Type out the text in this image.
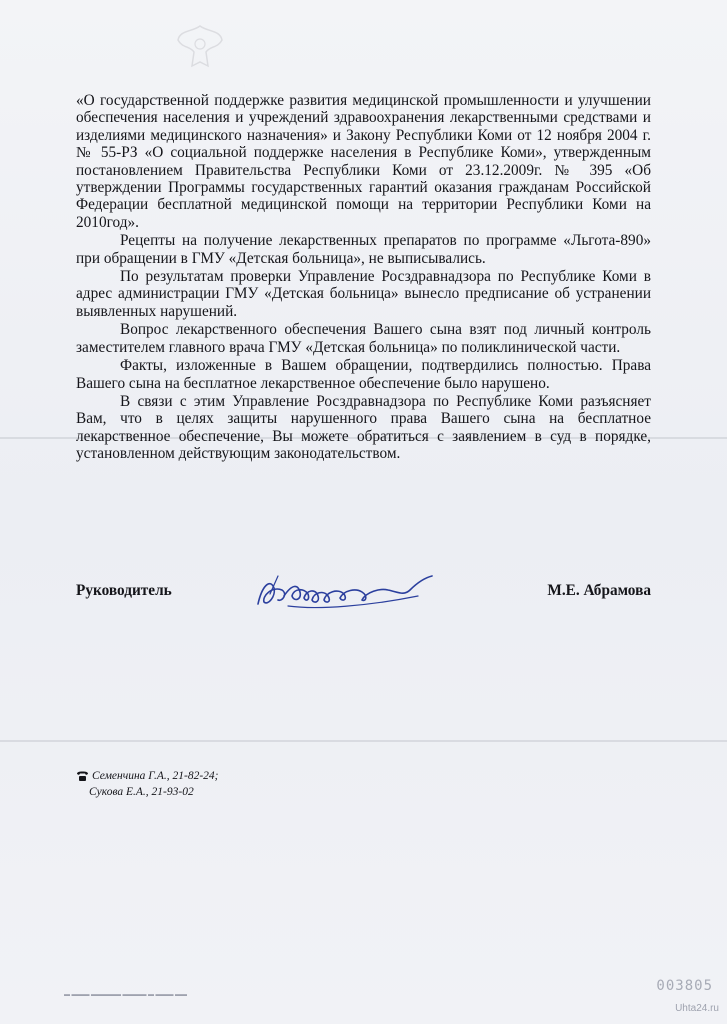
«О государственной поддержке развития медицинской промышленности и улучшении обеспечения населения и учреждений здравоохранения лекарственными средствами и изделиями медицинского назначения» и Закону Республики Коми от 12 ноября 2004 г. № 55-РЗ «О социальной поддержке населения в Республике Коми», утвержденным постановлением Правительства Республики Коми от 23.12.2009г. № 395 «Об утверждении Программы государственных гарантий оказания гражданам Российской Федерации бесплатной медицинской помощи на территории Республики Коми на 2010год».

Рецепты на получение лекарственных препаратов по программе «Льгота-890» при обращении в ГМУ «Детская больница», не выписывались.

По результатам проверки Управление Росздравнадзора по Республике Коми в адрес администрации ГМУ «Детская больница» вынесло предписание об устранении выявленных нарушений.

Вопрос лекарственного обеспечения Вашего сына взят под личный контроль заместителем главного врача ГМУ «Детская больница» по поликлинической части.

Факты, изложенные в Вашем обращении, подтвердились полностью. Права Вашего сына на бесплатное лекарственное обеспечение было нарушено.

В связи с этим Управление Росздравнадзора по Республике Коми разъясняет Вам, что в целях защиты нарушенного права Вашего сына на бесплатное лекарственное обеспечение, Вы можете обратиться с заявлением в суд в порядке, установленном действующим законодательством.

Руководитель	М.Е. Абрамова
Семенчина Г.А., 21-82-24;
Сукова Е.А., 21-93-02
▬ ▬▬▬ ▬▬▬▬▬ ▬▬▬▬ ▬ ▬▬▬ ▬▬
003805
Uhta24.ru
